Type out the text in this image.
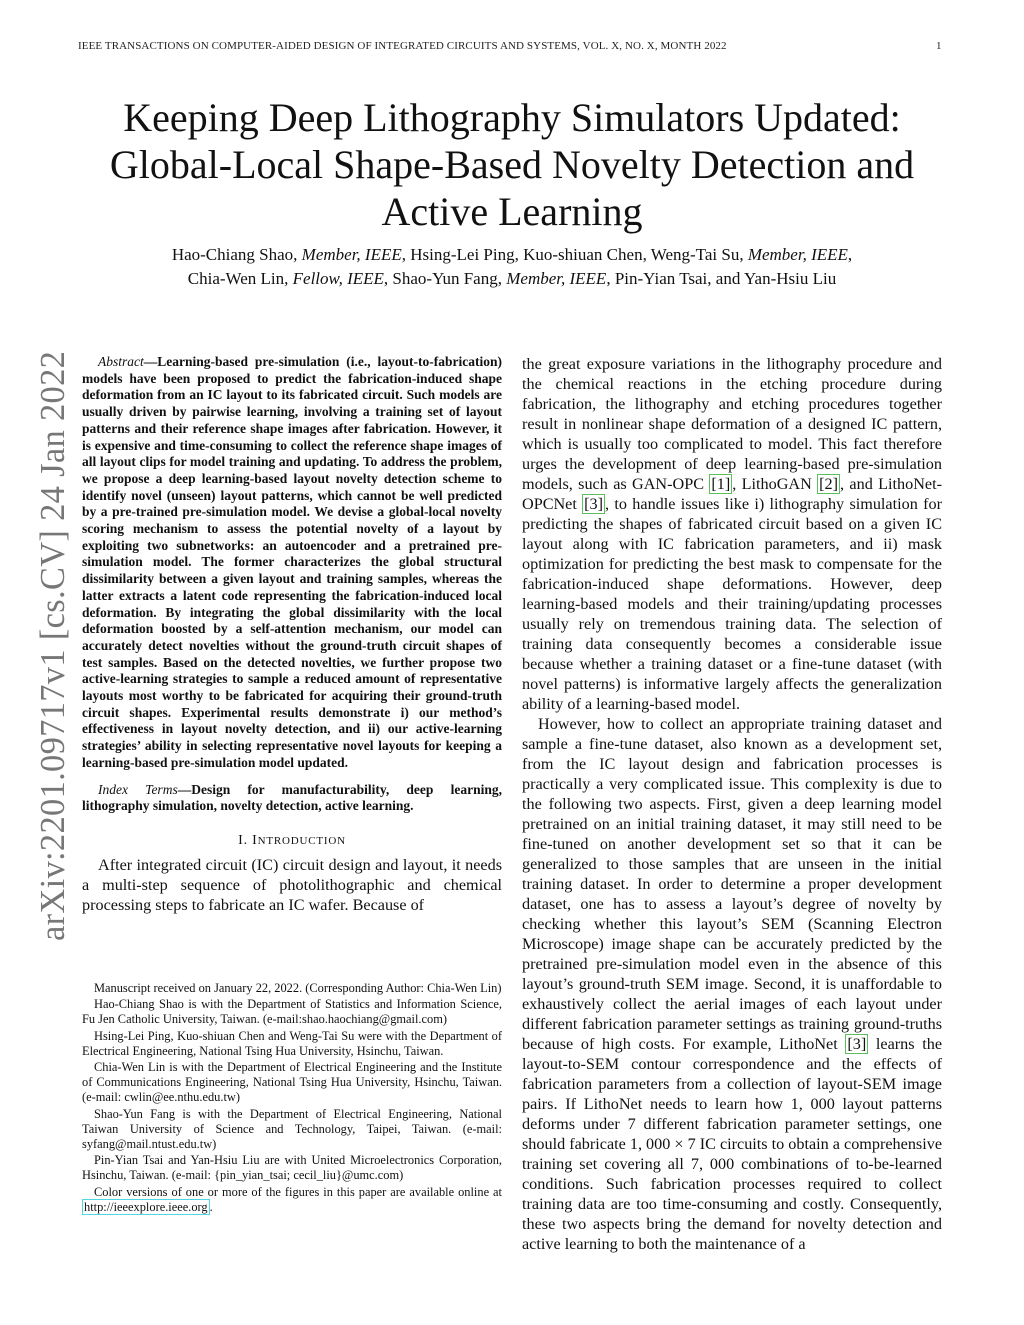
IEEE TRANSACTIONS ON COMPUTER-AIDED DESIGN OF INTEGRATED CIRCUITS AND SYSTEMS, VOL. X, NO. X, MONTH 2022	1
Keeping Deep Lithography Simulators Updated:
Global-Local Shape-Based Novelty Detection and
Active Learning
Hao-Chiang Shao, Member, IEEE, Hsing-Lei Ping, Kuo-shiuan Chen, Weng-Tai Su, Member, IEEE,
Chia-Wen Lin, Fellow, IEEE, Shao-Yun Fang, Member, IEEE, Pin-Yian Tsai, and Yan-Hsiu Liu
arXiv:2201.09717v1 [cs.CV] 24 Jan 2022	Abstract—Learning-based pre-simulation (i.e., layout-to-fabrication) models have been proposed to predict the fabrication-induced shape deformation from an IC layout to its fabricated circuit. Such models are usually driven by pairwise learning, involving a training set of layout patterns and their reference shape images after fabrication. However, it is expensive and time-consuming to collect the reference shape images of all layout clips for model training and updating. To address the problem, we propose a deep learning-based layout novelty detection scheme to identify novel (unseen) layout patterns, which cannot be well predicted by a pre-trained pre-simulation model. We devise a global-local novelty scoring mechanism to assess the potential novelty of a layout by exploiting two subnetworks: an autoencoder and a pretrained pre-simulation model. The former characterizes the global structural dissimilarity between a given layout and training samples, whereas the latter extracts a latent code representing the fabrication-induced local deformation. By integrating the global dissimilarity with the local deformation boosted by a self-attention mechanism, our model can accurately detect novelties without the ground-truth circuit shapes of test samples. Based on the detected novelties, we further propose two active-learning strategies to sample a reduced amount of representative layouts most worthy to be fabricated for acquiring their ground-truth circuit shapes. Experimental results demonstrate i) our method’s effectiveness in layout novelty detection, and ii) our active-learning strategies’ ability in selecting representative novel layouts for keeping a learning-based pre-simulation model updated.

Index Terms—Design for manufacturability, deep learning, lithography simulation, novelty detection, active learning.

I. INTRODUCTION

After integrated circuit (IC) circuit design and layout, it needs a multi-step sequence of photolithographic and chemical processing steps to fabricate an IC wafer. Because of

Manuscript received on January 22, 2022. (Corresponding Author: Chia-Wen Lin)

Hao-Chiang Shao is with the Department of Statistics and Information Science, Fu Jen Catholic University, Taiwan. (e-mail:shao.haochiang@gmail.com)

Hsing-Lei Ping, Kuo-shiuan Chen and Weng-Tai Su were with the Department of Electrical Engineering, National Tsing Hua University, Hsinchu, Taiwan.

Chia-Wen Lin is with the Department of Electrical Engineering and the Institute of Communications Engineering, National Tsing Hua University, Hsinchu, Taiwan. (e-mail: cwlin@ee.nthu.edu.tw)

Shao-Yun Fang is with the Department of Electrical Engineering, National Taiwan University of Science and Technology, Taipei, Taiwan. (e-mail: syfang@mail.ntust.edu.tw)

Pin-Yian Tsai and Yan-Hsiu Liu are with United Microelectronics Corporation, Hsinchu, Taiwan. (e-mail: {pin_yian_tsai; cecil_liu}@umc.com)

Color versions of one or more of the figures in this paper are available online at http://ieeexplore.ieee.org .

the great exposure variations in the lithography procedure and the chemical reactions in the etching procedure during fabrication, the lithography and etching procedures together result in nonlinear shape deformation of a designed IC pattern, which is usually too complicated to model. This fact therefore urges the development of deep learning-based pre-simulation models, such as GAN-OPC [1] , LithoGAN [2] , and LithoNet-OPCNet [3] , to handle issues like i) lithography simulation for predicting the shapes of fabricated circuit based on a given IC layout along with IC fabrication parameters, and ii) mask optimization for predicting the best mask to compensate for the fabrication-induced shape deformations. However, deep learning-based models and their training/updating processes usually rely on tremendous training data. The selection of training data consequently becomes a considerable issue because whether a training dataset or a fine-tune dataset (with novel patterns) is informative largely affects the generalization ability of a learning-based model.

However, how to collect an appropriate training dataset and sample a fine-tune dataset, also known as a development set, from the IC layout design and fabrication processes is practically a very complicated issue. This complexity is due to the following two aspects. First, given a deep learning model pretrained on an initial training dataset, it may still need to be fine-tuned on another development set so that it can be generalized to those samples that are unseen in the initial training dataset. In order to determine a proper development dataset, one has to assess a layout’s degree of novelty by checking whether this layout’s SEM (Scanning Electron Microscope) image shape can be accurately predicted by the pretrained pre-simulation model even in the absence of this layout’s ground-truth SEM image. Second, it is unaffordable to exhaustively collect the aerial images of each layout under different fabrication parameter settings as training ground-truths because of high costs. For example, LithoNet [3] learns the layout-to-SEM contour correspondence and the effects of fabrication parameters from a collection of layout-SEM image pairs. If LithoNet needs to learn how 1, 000 layout patterns deforms under 7 different fabrication parameter settings, one should fabricate 1, 000 × 7 IC circuits to obtain a comprehensive training set covering all 7, 000 combinations of to-be-learned conditions. Such fabrication processes required to collect training data are too time-consuming and costly. Consequently, these two aspects bring the demand for novelty detection and active learning to both the maintenance of a
